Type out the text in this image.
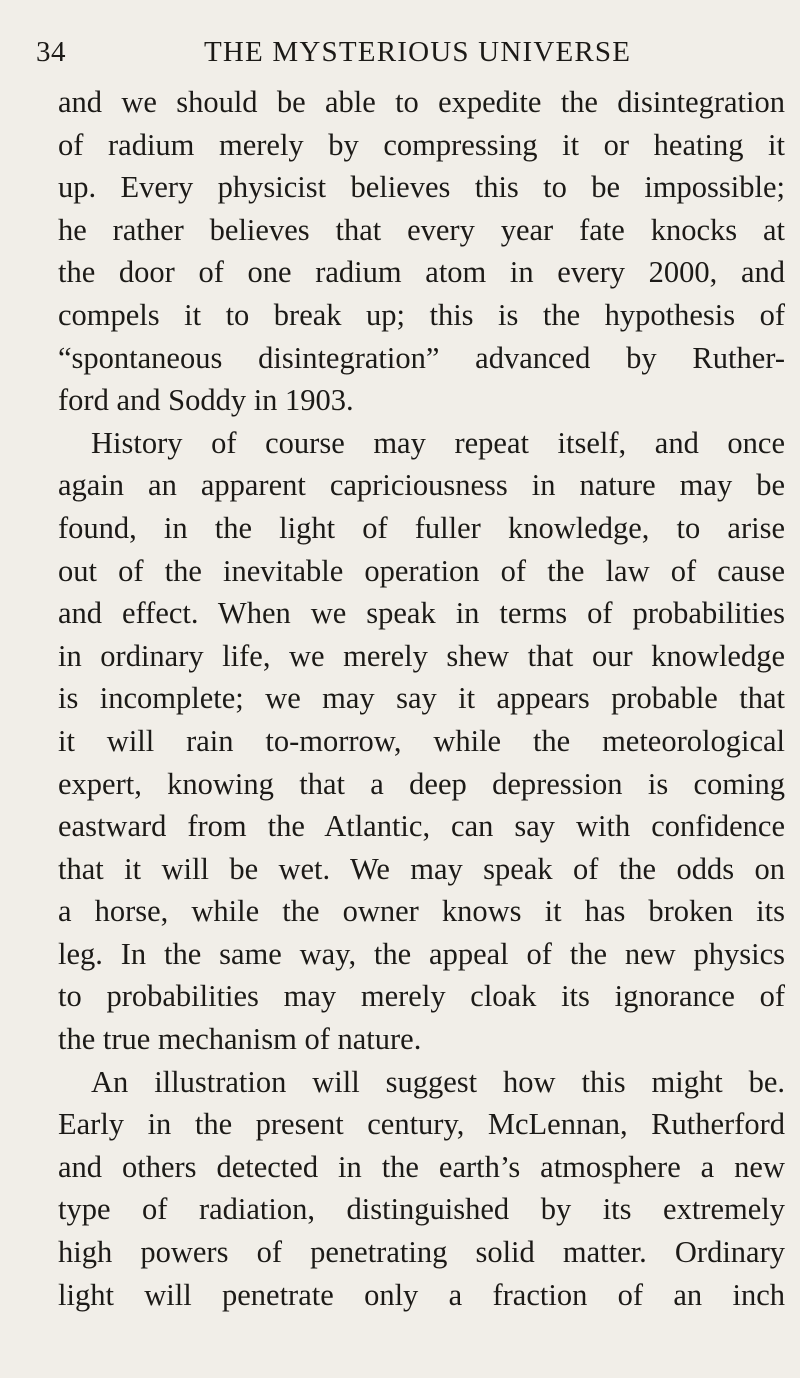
34	THE MYSTERIOUS UNIVERSE
and we should be able to expedite the disintegration
of radium merely by compressing it or heating it
up. Every physicist believes this to be impossible;
he rather believes that every year fate knocks at
the door of one radium atom in every 2000, and
compels it to break up; this is the hypothesis of
“spontaneous disintegration” advanced by Ruther-
ford and Soddy in 1903.
History of course may repeat itself, and once
again an apparent capriciousness in nature may be
found, in the light of fuller knowledge, to arise
out of the inevitable operation of the law of cause
and effect. When we speak in terms of probabilities
in ordinary life, we merely shew that our knowledge
is incomplete; we may say it appears probable that
it will rain to-morrow, while the meteorological
expert, knowing that a deep depression is coming
eastward from the Atlantic, can say with confidence
that it will be wet. We may speak of the odds on
a horse, while the owner knows it has broken its
leg. In the same way, the appeal of the new physics
to probabilities may merely cloak its ignorance of
the true mechanism of nature.
An illustration will suggest how this might be.
Early in the present century, McLennan, Rutherford
and others detected in the earth’s atmosphere a new
type of radiation, distinguished by its extremely
high powers of penetrating solid matter. Ordinary
light will penetrate only a fraction of an inch
